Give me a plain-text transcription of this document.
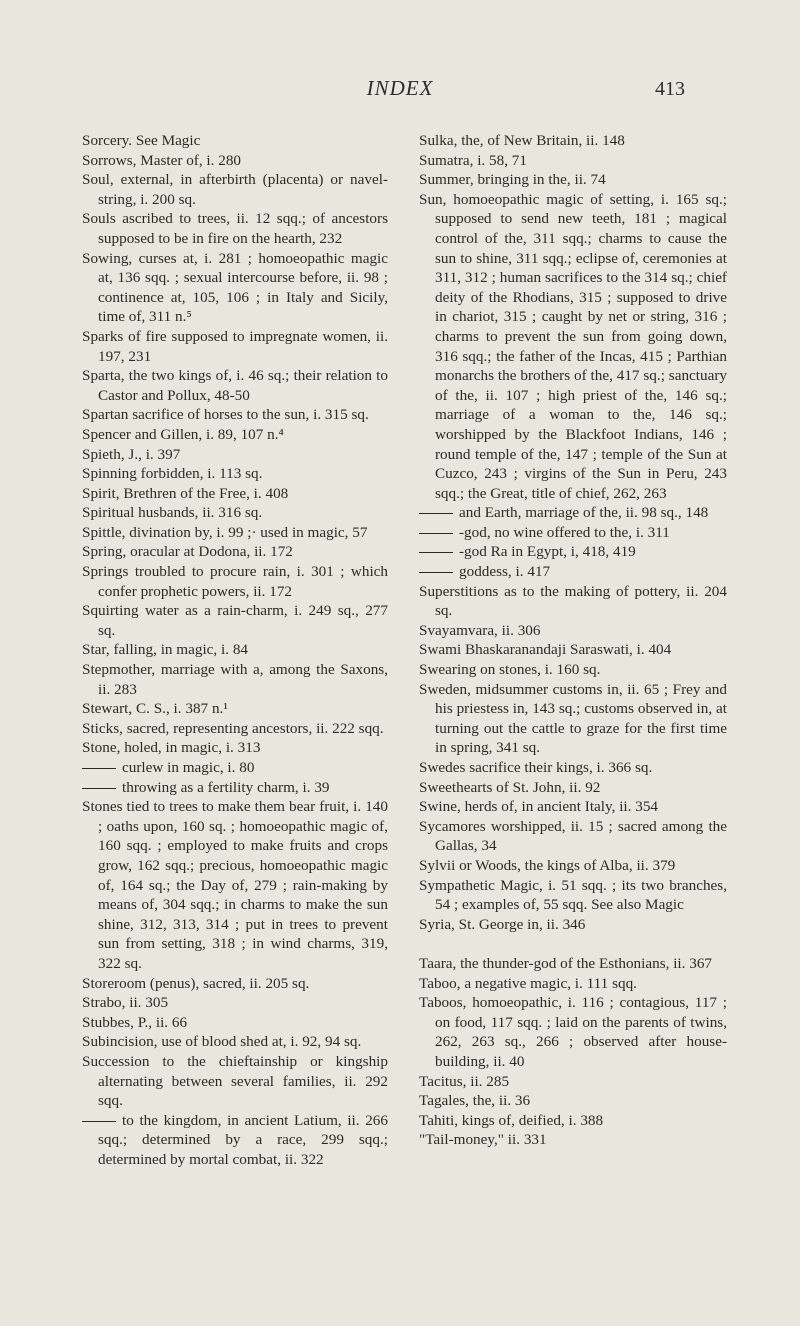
INDEX	413

Sorcery. See Magic

Sorrows, Master of, i. 280

Soul, external, in afterbirth (placenta) or navel-string, i. 200 sq.

Souls ascribed to trees, ii. 12 sqq.; of ancestors supposed to be in fire on the hearth, 232

Sowing, curses at, i. 281 ; homoeopathic magic at, 136 sqq. ; sexual intercourse before, ii. 98 ; continence at, 105, 106 ; in Italy and Sicily, time of, 311 n.⁵

Sparks of fire supposed to impregnate women, ii. 197, 231

Sparta, the two kings of, i. 46 sq.; their relation to Castor and Pollux, 48-50

Spartan sacrifice of horses to the sun, i. 315 sq.

Spencer and Gillen, i. 89, 107 n.⁴

Spieth, J., i. 397

Spinning forbidden, i. 113 sq.

Spirit, Brethren of the Free, i. 408

Spiritual husbands, ii. 316 sq.

Spittle, divination by, i. 99 ;· used in magic, 57

Spring, oracular at Dodona, ii. 172

Springs troubled to procure rain, i. 301 ; which confer prophetic powers, ii. 172

Squirting water as a rain-charm, i. 249 sq., 277 sq.

Star, falling, in magic, i. 84

Stepmother, marriage with a, among the Saxons, ii. 283

Stewart, C. S., i. 387 n.¹

Sticks, sacred, representing ancestors, ii. 222 sqq.

Stone, holed, in magic, i. 313

curlew in magic, i. 80

throwing as a fertility charm, i. 39

Stones tied to trees to make them bear fruit, i. 140 ; oaths upon, 160 sq. ; homoeopathic magic of, 160 sqq. ; employed to make fruits and crops grow, 162 sqq.; precious, homoeopathic magic of, 164 sq.; the Day of, 279 ; rain-making by means of, 304 sqq.; in charms to make the sun shine, 312, 313, 314 ; put in trees to prevent sun from setting, 318 ; in wind charms, 319, 322 sq.

Storeroom (penus), sacred, ii. 205 sq.

Strabo, ii. 305

Stubbes, P., ii. 66

Subincision, use of blood shed at, i. 92, 94 sq.

Succession to the chieftainship or kingship alternating between several families, ii. 292 sqq.

to the kingdom, in ancient Latium, ii. 266 sqq.; determined by a race, 299 sqq.; determined by mortal combat, ii. 322

Sulka, the, of New Britain, ii. 148

Sumatra, i. 58, 71

Summer, bringing in the, ii. 74

Sun, homoeopathic magic of setting, i. 165 sq.; supposed to send new teeth, 181 ; magical control of the, 311 sqq.; charms to cause the sun to shine, 311 sqq.; eclipse of, ceremonies at 311, 312 ; human sacrifices to the 314 sq.; chief deity of the Rhodians, 315 ; supposed to drive in chariot, 315 ; caught by net or string, 316 ; charms to prevent the sun from going down, 316 sqq.; the father of the Incas, 415 ; Parthian monarchs the brothers of the, 417 sq.; sanctuary of the, ii. 107 ; high priest of the, 146 sq.; marriage of a woman to the, 146 sq.; worshipped by the Blackfoot Indians, 146 ; round temple of the, 147 ; temple of the Sun at Cuzco, 243 ; virgins of the Sun in Peru, 243 sqq.; the Great, title of chief, 262, 263

and Earth, marriage of the, ii. 98 sq., 148

-god, no wine offered to the, i. 311

-god Ra in Egypt, i, 418, 419

goddess, i. 417

Superstitions as to the making of pottery, ii. 204 sq.

Svayamvara, ii. 306

Swami Bhaskaranandaji Saraswati, i. 404

Swearing on stones, i. 160 sq.

Sweden, midsummer customs in, ii. 65 ; Frey and his priestess in, 143 sq.; customs observed in, at turning out the cattle to graze for the first time in spring, 341 sq.

Swedes sacrifice their kings, i. 366 sq.

Sweethearts of St. John, ii. 92

Swine, herds of, in ancient Italy, ii. 354

Sycamores worshipped, ii. 15 ; sacred among the Gallas, 34

Sylvii or Woods, the kings of Alba, ii. 379

Sympathetic Magic, i. 51 sqq. ; its two branches, 54 ; examples of, 55 sqq. See also Magic

Syria, St. George in, ii. 346

Taara, the thunder-god of the Esthonians, ii. 367

Taboo, a negative magic, i. 111 sqq.

Taboos, homoeopathic, i. 116 ; contagious, 117 ; on food, 117 sqq. ; laid on the parents of twins, 262, 263 sq., 266 ; observed after house-building, ii. 40

Tacitus, ii. 285

Tagales, the, ii. 36

Tahiti, kings of, deified, i. 388

"Tail-money," ii. 331
